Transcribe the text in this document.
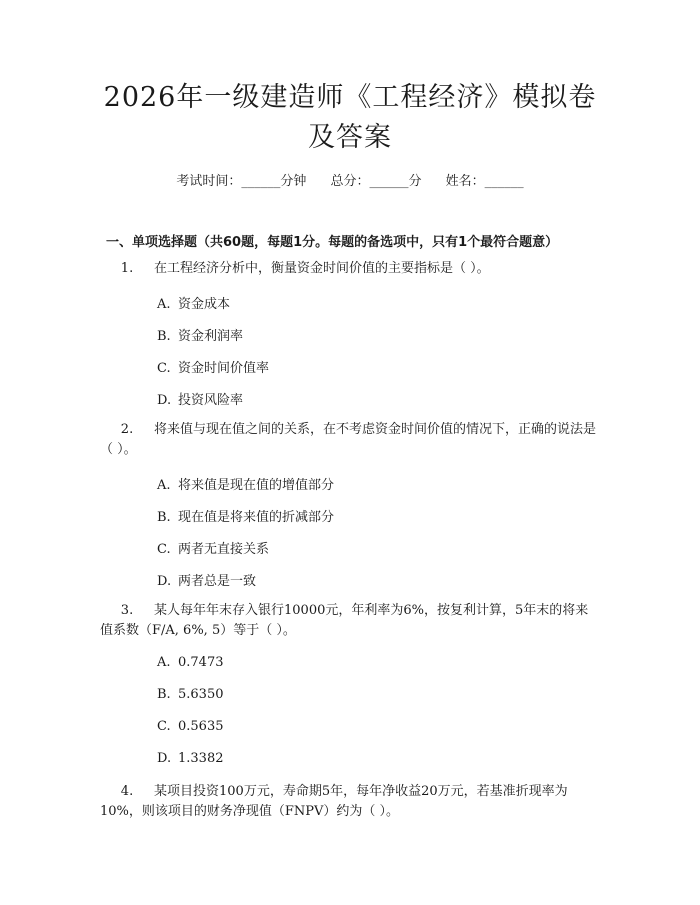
2026年一级建造师《工程经济》模拟卷及答案
考试时间：______分钟 总分：______分 姓名：______
一、单项选择题（共60题，每题1分。每题的备选项中，只有1个最符合题意）
1. 在工程经济分析中，衡量资金时间价值的主要指标是（ ）。
A. 资金成本
B. 资金利润率
C. 资金时间价值率
D. 投资风险率
2. 将来值与现在值之间的关系，在不考虑资金时间价值的情况下，正确的说法是（ ）。
A. 将来值是现在值的增值部分
B. 现在值是将来值的折减部分
C. 两者无直接关系
D. 两者总是一致
3. 某人每年年末存入银行10000元，年利率为6%，按复利计算，5年末的将来值系数（F/A, 6%, 5）等于（ ）。
A. 0.7473
B. 5.6350
C. 0.5635
D. 1.3382
4. 某项目投资100万元，寿命期5年，每年净收益20万元，若基准折现率为10%，则该项目的财务净现值（FNPV）约为（ ）。
